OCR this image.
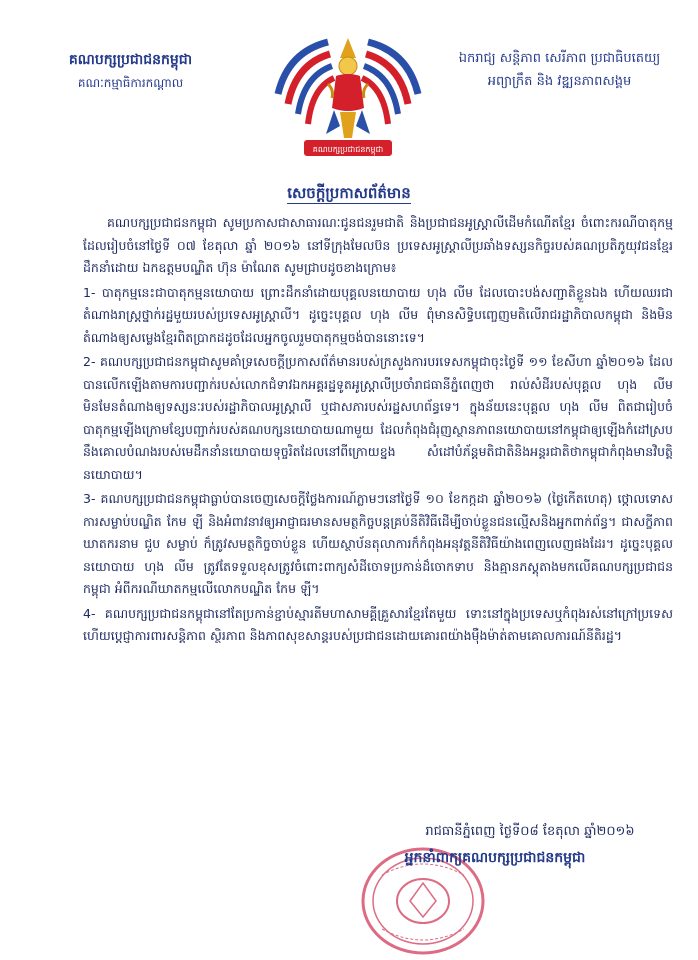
គណបក្សប្រជាជនកម្ពុជា
គណៈកម្មាធិការកណ្តាល
គណបក្សប្រជាជនកម្ពុជា
ឯករាជ្យ សន្តិភាព សេរីភាព ប្រជាធិបតេយ្យ
អព្យាក្រឹត និង វឌ្ឍនភាពសង្គម
សេចក្តីប្រកាសព័ត៌មាន

គណបក្សប្រជាជនកម្ពុជា សូមប្រកាសជាសាធារណៈជូនជនរួមជាតិ និងប្រជាជនអូស្ត្រាលីដើមកំណើតខ្មែរ ចំពោះករណីបាតុកម្មដែលរៀបចំនៅថ្ងៃទី ០៧ ខែតុលា ឆ្នាំ ២០១៦ នៅទីក្រុងមែលប៊ន ប្រទេសអូស្ត្រាលីប្រឆាំងទស្សនកិច្ចរបស់គណប្រតិភូយុវជនខ្មែរដឹកនាំដោយ ឯកឧត្តមបណ្ឌិត ហ៊ុន ម៉ាណែត សូមជ្រាបដូចខាងក្រោម៖

1- បាតុកម្មនេះជាបាតុកម្មនយោបាយ ព្រោះដឹកនាំដោយបុគ្គលនយោបាយ ហុង លីម ដែលបោះបង់សញ្ជាតិខ្លួនឯង ហើយឈរជាតំណាងរាស្ត្រថ្នាក់រដ្ឋមួយរបស់ប្រទេសអូស្ត្រាលី។ ដូច្នេះបុគ្គល ហុង លីម ពុំមានសិទ្ធិបញ្ចេញមតិលើរាជរដ្ឋាភិបាលកម្ពុជា និងមិនតំណាងឲ្យសម្លេងខ្មែរពិតប្រាកដដូចដែលអ្នកចូលរួមបាតុកម្មចង់បាននោះទេ។

2- គណបក្សប្រជាជនកម្ពុជាសូមគាំទ្រសេចក្តីប្រកាសព័ត៌មានរបស់ក្រសួងការបរទេសកម្ពុជាចុះថ្ងៃទី ១១ ខែសីហា ឆ្នាំ២០១៦ ដែលបានលើកឡើងតាមការបញ្ជាក់របស់លោកជំទាវឯកអគ្គរដ្ឋទូតអូស្ត្រាលីប្រចាំរាជធានីភ្នំពេញថា រាល់សំដីរបស់បុគ្គល ហុង លីម មិនមែនតំណាងឲ្យទស្សនៈរបស់រដ្ឋាភិបាលអូស្ត្រាលី ឬជាសភារបស់រដ្ឋសហព័ន្ធទេ។ ក្នុងន័យនេះបុគ្គល ហុង លីម ពិតជារៀបចំបាតុកម្មឡើងក្រោមខ្សែបញ្ជាក់របស់គណបក្សនយោបាយណាមួយ ដែលកំពុងជំរុញស្ថានភាពនយោបាយនៅកម្ពុជាឲ្យឡើងកំដៅស្របនឹងគោលបំណងរបស់មេដឹកនាំនយោបាយទុច្ចរិតដែលនៅពីក្រោយខ្នង សំដៅបំភ័ន្តមតិជាតិនិងអន្តរជាតិថាកម្ពុជាកំពុងមានវិបត្តិនយោបាយ។

3- គណបក្សប្រជាជនកម្ពុជាធ្លាប់បានចេញសេចក្តីថ្លែងការណ៍ភ្លាមៗនៅថ្ងៃទី ១០ ខែកក្កដា ឆ្នាំ២០១៦ (ថ្ងៃកើតហេតុ) ថ្កោលទោសការសម្លាប់បណ្ឌិត កែម ឡី និងអំពាវនាវឲ្យអាជ្ញាធរមានសមត្ថកិច្ចបន្តគ្រប់នីតិវិធីដើម្បីចាប់ខ្លួនជនល្មើសនិងអ្នកពាក់ព័ន្ធ។ ជាសក្ខីភាពឃាតករនាម ជួប សម្លាប់ ក៏ត្រូវសមត្ថកិច្ចចាប់ខ្លួន ហើយស្ថាប័នតុលាការក៏កំពុងអនុវត្តនីតិវិធីយ៉ាងពេញលេញផងដែរ។ ដូច្នេះបុគ្គលនយោបាយ ហុង លីម ត្រូវតែទទួលខុសត្រូវចំពោះពាក្យសំដីចោទប្រកាន់ដ៏ចោកទាប និងគ្មានភស្តុតាងមកលើគណបក្សប្រជាជនកម្ពុជា អំពីករណីឃាតកម្មលើលោកបណ្ឌិត កែម ឡី។

4- គណបក្សប្រជាជនកម្ពុជានៅតែប្រកាន់ខ្ជាប់ស្មារតីមហាសាមគ្គីគ្រួសារខ្មែរតែមួយ ទោះនៅក្នុងប្រទេសឬកំពុងរស់នៅក្រៅប្រទេស ហើយប្តេជ្ញាការពារសន្តិភាព ស្ថិរភាព និងភាពសុខសាន្តរបស់ប្រជាជនដោយគោរពយ៉ាងម៉ឺងម៉ាត់តាមគោលការណ៍នីតិរដ្ឋ។

រាជធានីភ្នំពេញ ថ្ងៃទី០៨ ខែតុលា ឆ្នាំ២០១៦
អ្នកនាំពាក្យគណបក្សប្រជាជនកម្ពុជា
